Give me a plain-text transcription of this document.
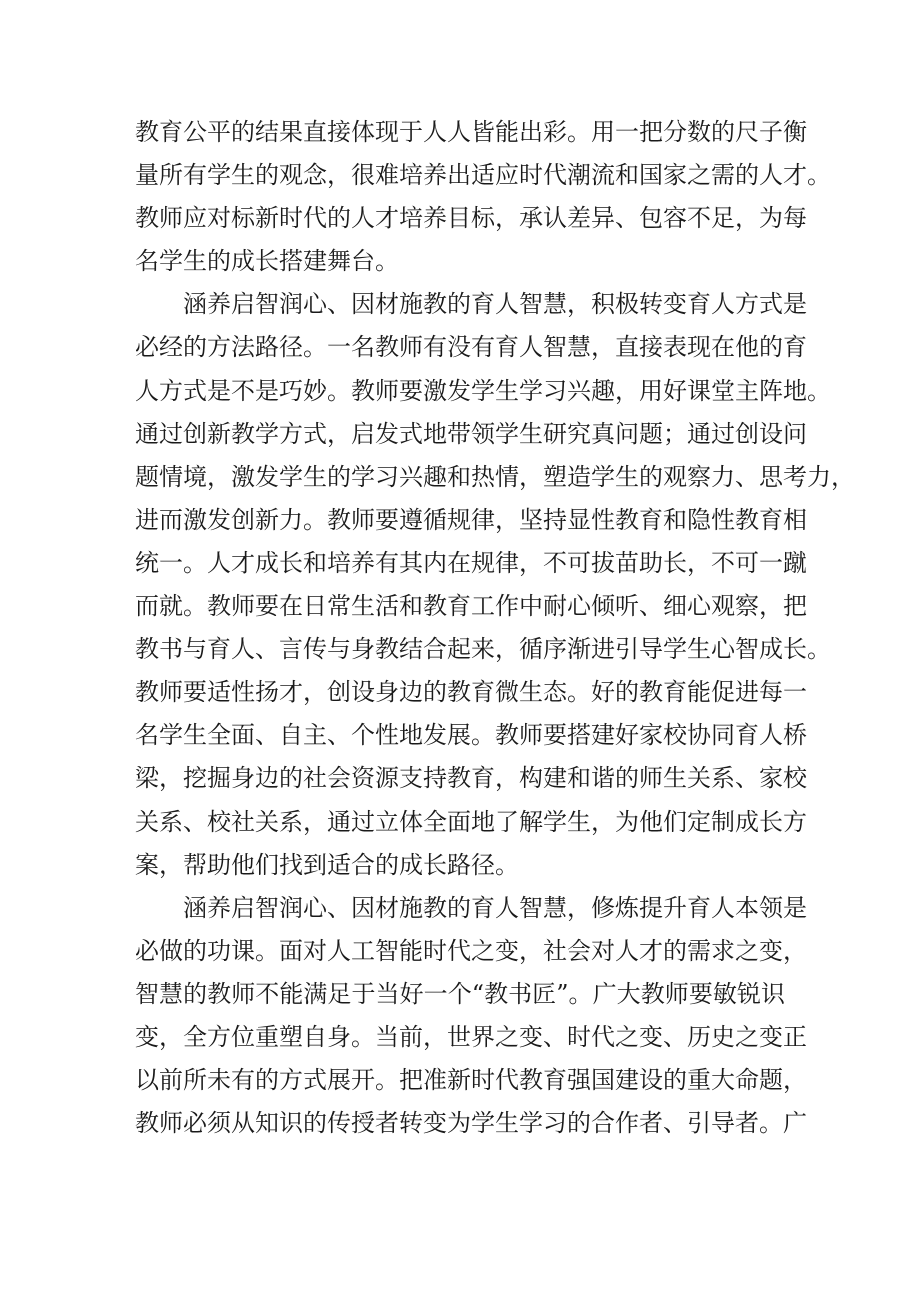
教育公平的结果直接体现于人人皆能出彩。用一把分数的尺子衡
量所有学生的观念，很难培养出适应时代潮流和国家之需的人才。
教师应对标新时代的人才培养目标，承认差异、包容不足，为每
名学生的成长搭建舞台。
涵养启智润心、因材施教的育人智慧，积极转变育人方式是
必经的方法路径。一名教师有没有育人智慧，直接表现在他的育
人方式是不是巧妙。教师要激发学生学习兴趣，用好课堂主阵地。
通过创新教学方式，启发式地带领学生研究真问题；通过创设问
题情境，激发学生的学习兴趣和热情，塑造学生的观察力、思考力，
进而激发创新力。教师要遵循规律，坚持显性教育和隐性教育相
统一。人才成长和培养有其内在规律，不可拔苗助长，不可一蹴
而就。教师要在日常生活和教育工作中耐心倾听、细心观察，把
教书与育人、言传与身教结合起来，循序渐进引导学生心智成长。
教师要适性扬才，创设身边的教育微生态。好的教育能促进每一
名学生全面、自主、个性地发展。教师要搭建好家校协同育人桥
梁，挖掘身边的社会资源支持教育，构建和谐的师生关系、家校
关系、校社关系，通过立体全面地了解学生，为他们定制成长方
案，帮助他们找到适合的成长路径。
涵养启智润心、因材施教的育人智慧，修炼提升育人本领是
必做的功课。面对人工智能时代之变，社会对人才的需求之变，
智慧的教师不能满足于当好一个“教书匠”。广大教师要敏锐识
变，全方位重塑自身。当前，世界之变、时代之变、历史之变正
以前所未有的方式展开。把准新时代教育强国建设的重大命题，
教师必须从知识的传授者转变为学生学习的合作者、引导者。广
